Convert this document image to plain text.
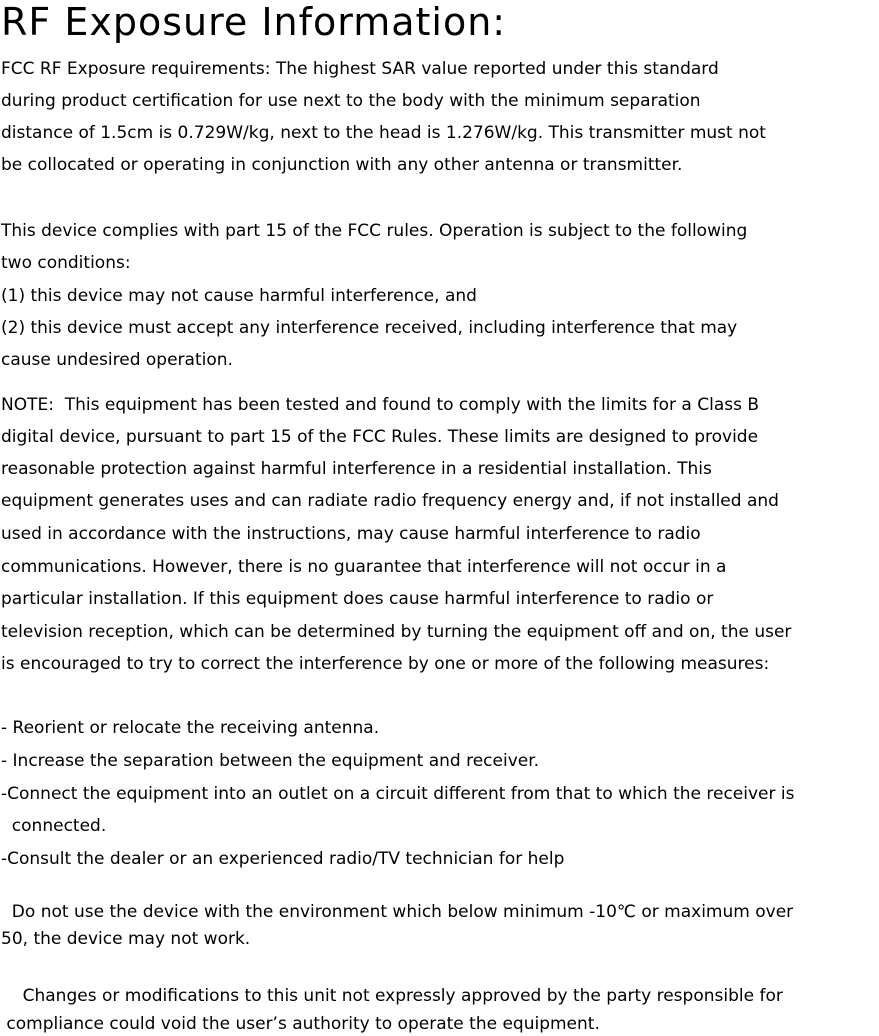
RF Exposure Information:
FCC RF Exposure requirements: The highest SAR value reported under this standard
during product certification for use next to the body with the minimum separation
distance of 1.5cm is 0.729W/kg, next to the head is 1.276W/kg. This transmitter must not
be collocated or operating in conjunction with any other antenna or transmitter.
This device complies with part 15 of the FCC rules. Operation is subject to the following
two conditions:
(1) this device may not cause harmful interference, and
(2) this device must accept any interference received, including interference that may
cause undesired operation.
NOTE:  This equipment has been tested and found to comply with the limits for a Class B
digital device, pursuant to part 15 of the FCC Rules. These limits are designed to provide
reasonable protection against harmful interference in a residential installation. This
equipment generates uses and can radiate radio frequency energy and, if not installed and
used in accordance with the instructions, may cause harmful interference to radio
communications. However, there is no guarantee that interference will not occur in a
particular installation. If this equipment does cause harmful interference to radio or
television reception, which can be determined by turning the equipment off and on, the user
is encouraged to try to correct the interference by one or more of the following measures:
- Reorient or relocate the receiving antenna.
- Increase the separation between the equipment and receiver.
-Connect the equipment into an outlet on a circuit different from that to which the receiver is
connected.
-Consult the dealer or an experienced radio/TV technician for help
Do not use the device with the environment which below minimum -10℃ or maximum over
50, the device may not work.
Changes or modifications to this unit not expressly approved by the party responsible for
compliance could void the user’s authority to operate the equipment.
